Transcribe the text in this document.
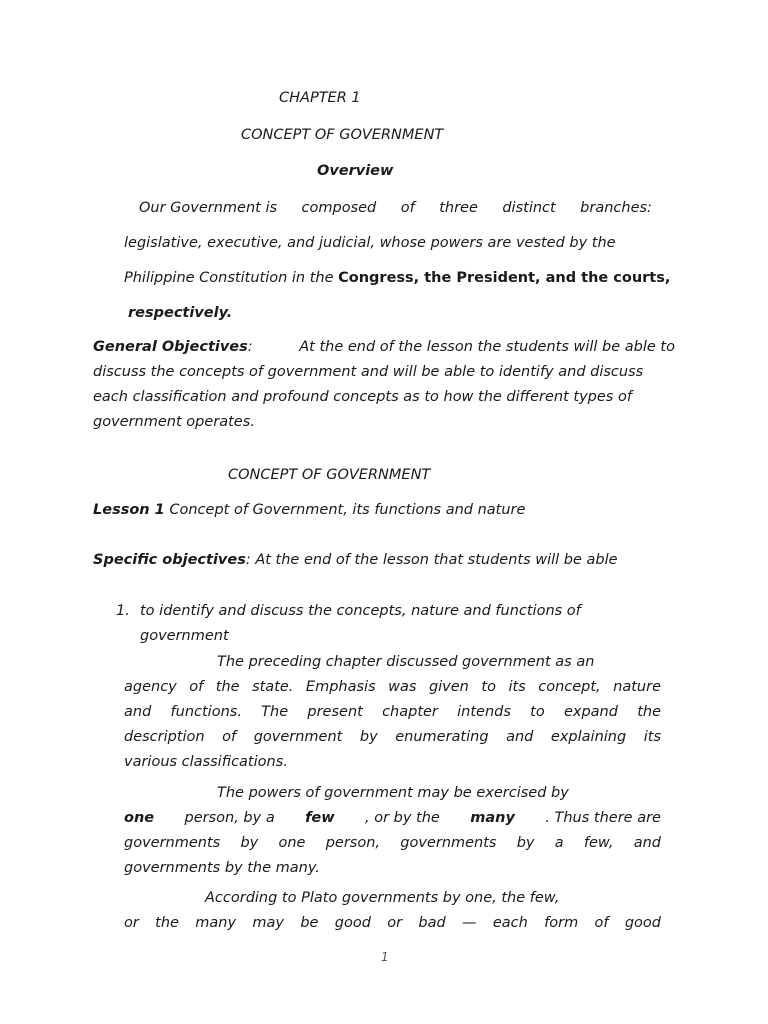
CHAPTER 1
CONCEPT OF GOVERNMENT
Overview
Our Government is composed of three distinct branches:
legislative, executive, and judicial, whose powers are vested by the
Philippine Constitution in the Congress, the President, and the courts,
respectively.
General Objectives:	At the end of the lesson the students will be able to
discuss the concepts of government and will be able to identify and discuss
each classification and profound concepts as to how the different types of
government operates.
CONCEPT OF GOVERNMENT
Lesson 1 Concept of Government, its functions and nature
Specific objectives: At the end of the lesson that students will be able
1. to identify and discuss the concepts, nature and functions of
government
The preceding chapter discussed government as an
agency of the state. Emphasis was given to its concept, nature
and functions. The present chapter intends to expand the
description of government by enumerating and explaining its
various classifications.
The powers of government may be exercised by
one person, by a few , or by the many . Thus there are
governments by one person, governments by a few, and
governments by the many.
According to Plato governments by one, the few,
or the many may be good or bad — each form of good
1
